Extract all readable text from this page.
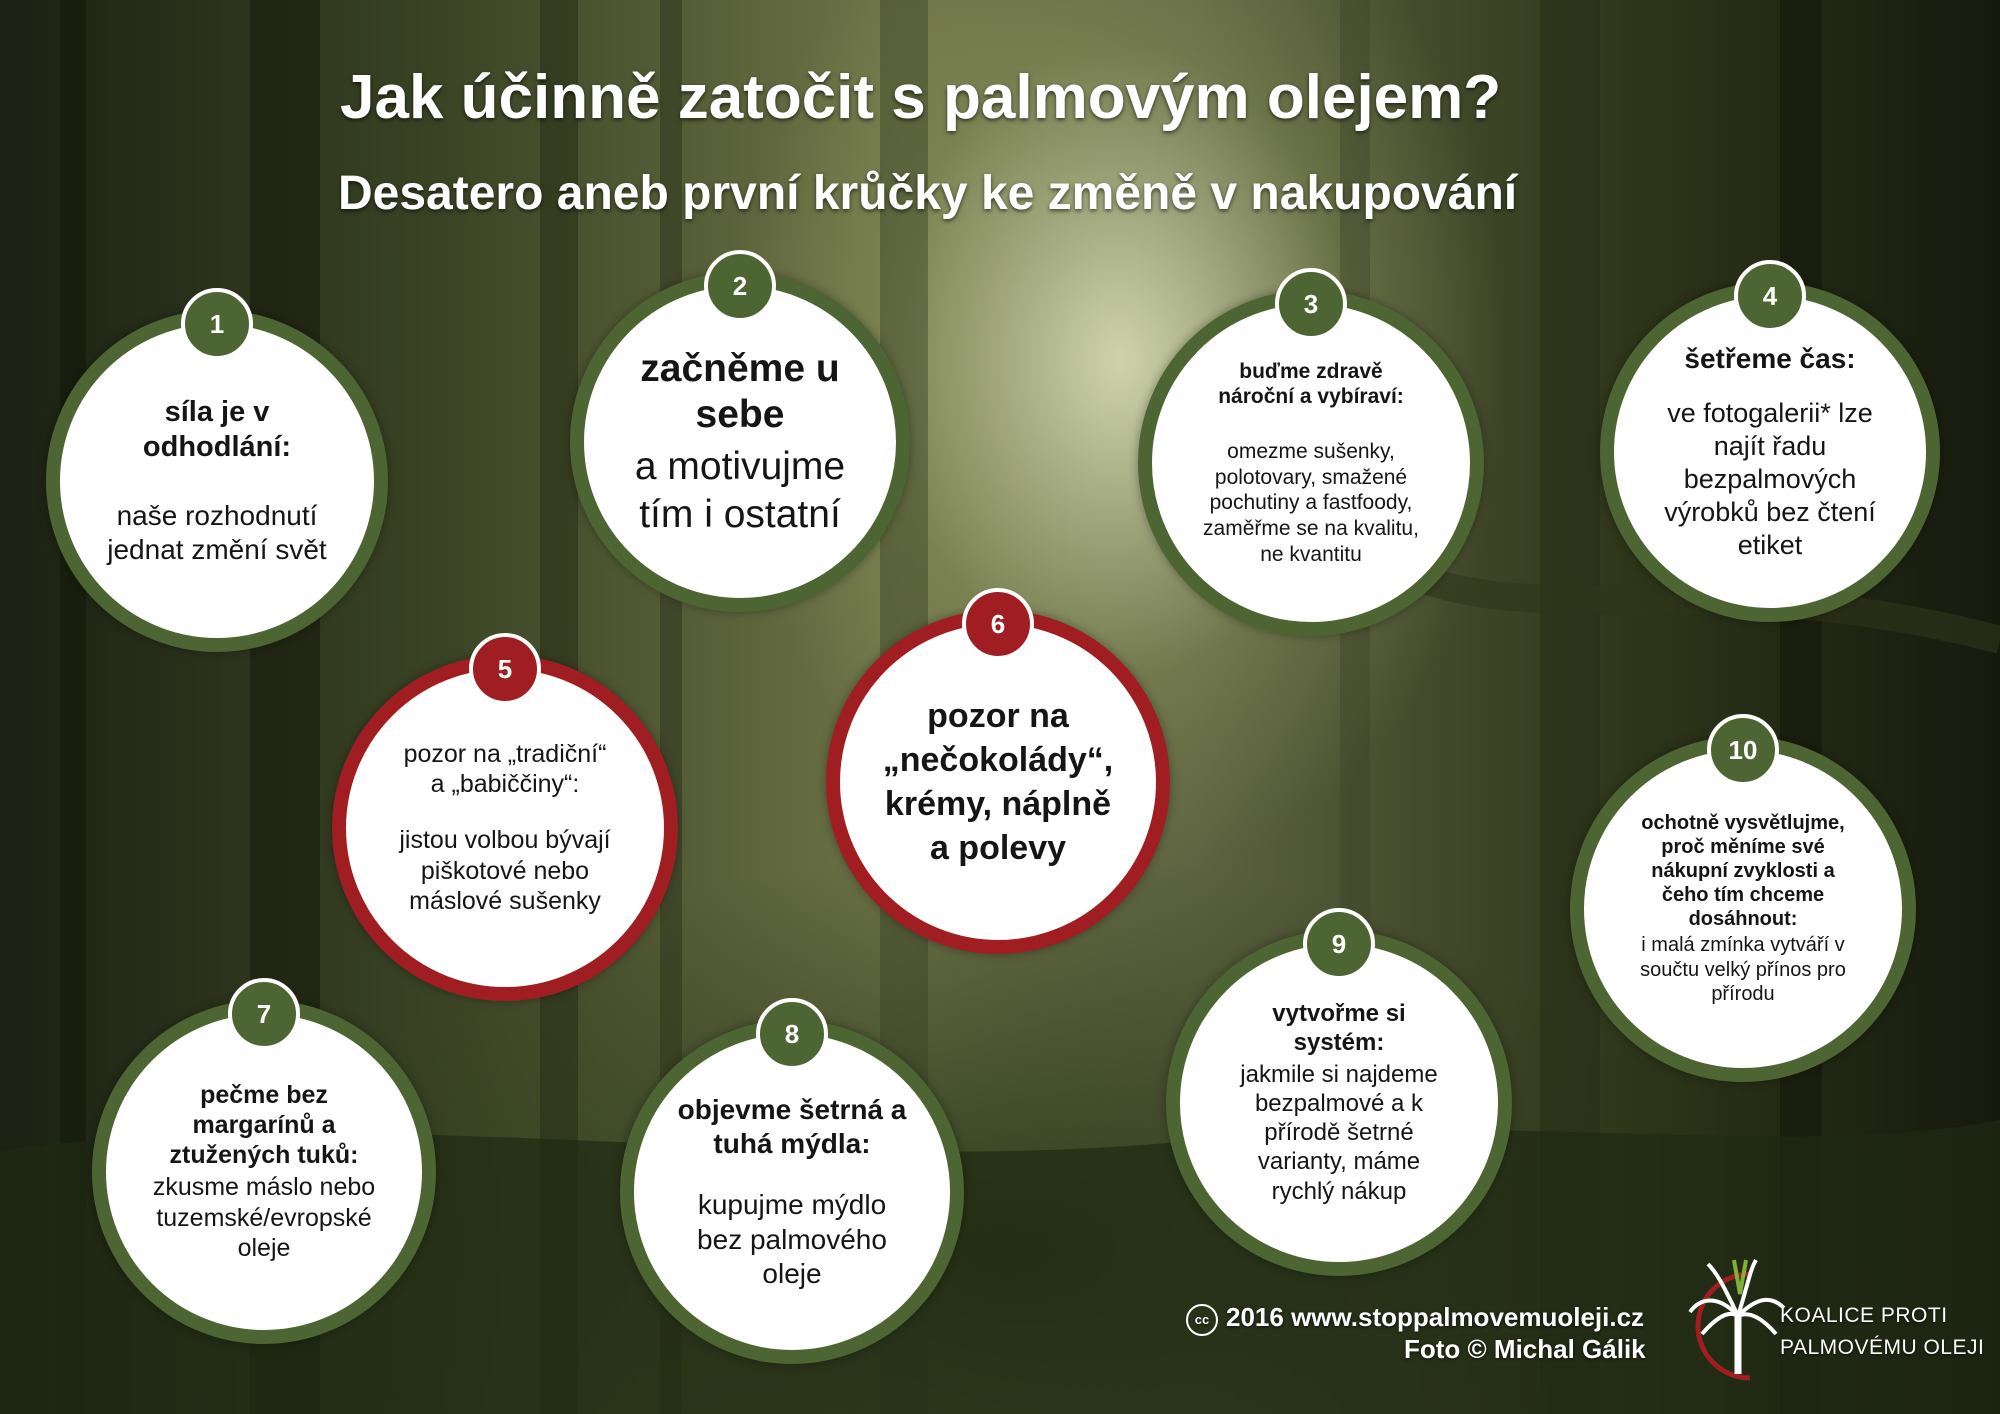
Jak účinně zatočit s palmovým olejem?
Desatero aneb první krůčky ke změně v nakupování
1
síla je v odhodlání:
naše rozhodnutí jednat změní svět
2
začněme u sebe
a motivujme tím i ostatní
3
buďme zdravě nároční a vybíraví:
omezme sušenky, polotovary, smažené pochutiny a fastfoody, zaměřme se na kvalitu, ne kvantitu
4
šetřeme čas:
ve fotogalerii* lze najít řadu bezpalmových výrobků bez čtení etiket
5
pozor na „tradiční“ a „babiččiny“:
jistou volbou bývají piškotové nebo máslové sušenky
6
pozor na „nečokolády“, krémy, náplně a polevy
7
pečme bez margarínů a ztužených tuků:
zkusme máslo nebo tuzemské/evropské oleje
8
objevme šetrná a tuhá mýdla:
kupujme mýdlo bez palmového oleje
9
vytvořme si systém:
jakmile si najdeme bezpalmové a k přírodě šetrné varianty, máme rychlý nákup
10
ochotně vysvětlujme, proč měníme své nákupní zvyklosti a čeho tím chceme dosáhnout:
i malá zmínka vytváří v součtu velký přínos pro přírodu
cc 2016 www.stoppalmovemuoleji.cz
Foto © Michal Gálik
KOALICE PROTI
PALMOVÉMU OLEJI
